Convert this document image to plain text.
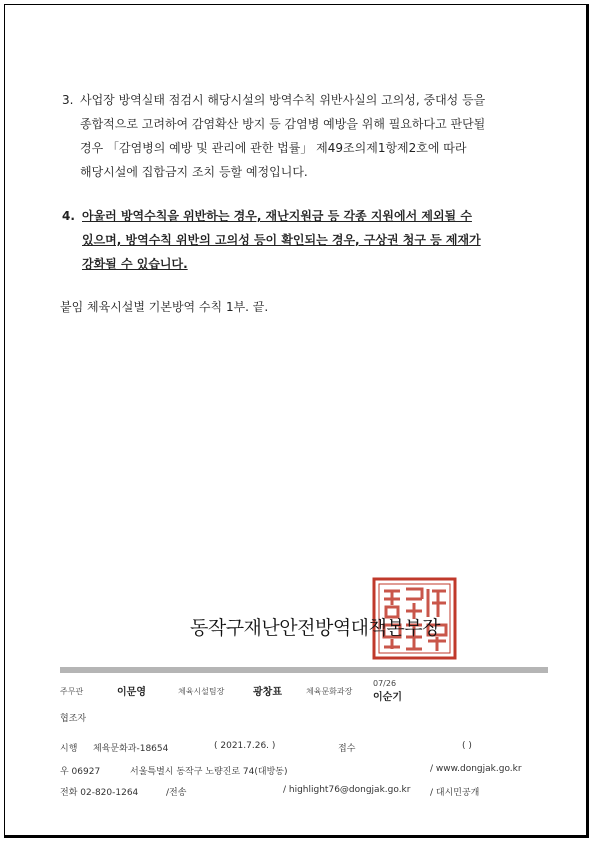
3. 사업장 방역실태 점검시 해당시설의 방역수칙 위반사실의 고의성, 중대성 등을
종합적으로 고려하여 감염확산 방지 등 감염병 예방을 위해 필요하다고 판단될
경우 「감염병의 예방 및 관리에 관한 법률」 제49조의제1항제2호에 따라
해당시설에 집합금지 조치 등할 예정입니다.
4. 아울러 방역수칙을 위반하는 경우, 재난지원금 등 각종 지원에서 제외될 수
있으며, 방역수칙 위반의 고의성 등이 확인되는 경우, 구상권 청구 등 제재가
강화될 수 있습니다.
붙임 체육시설별 기본방역 수칙 1부. 끝.
동작구재난안전방역대책본부장
주무관	이문영	체육시설팀장	광창표	체육문화과장
07/26
이순기
협조자
시행 체육문화과-18654	( 2021.7.26. )	접수	( )
우 06927	서울특별시 동작구 노량진로 74(대방동)	/ www.dongjak.go.kr
전화 02-820-1264	/전송	/ highlight76@dongjak.go.kr / 대시민공개
